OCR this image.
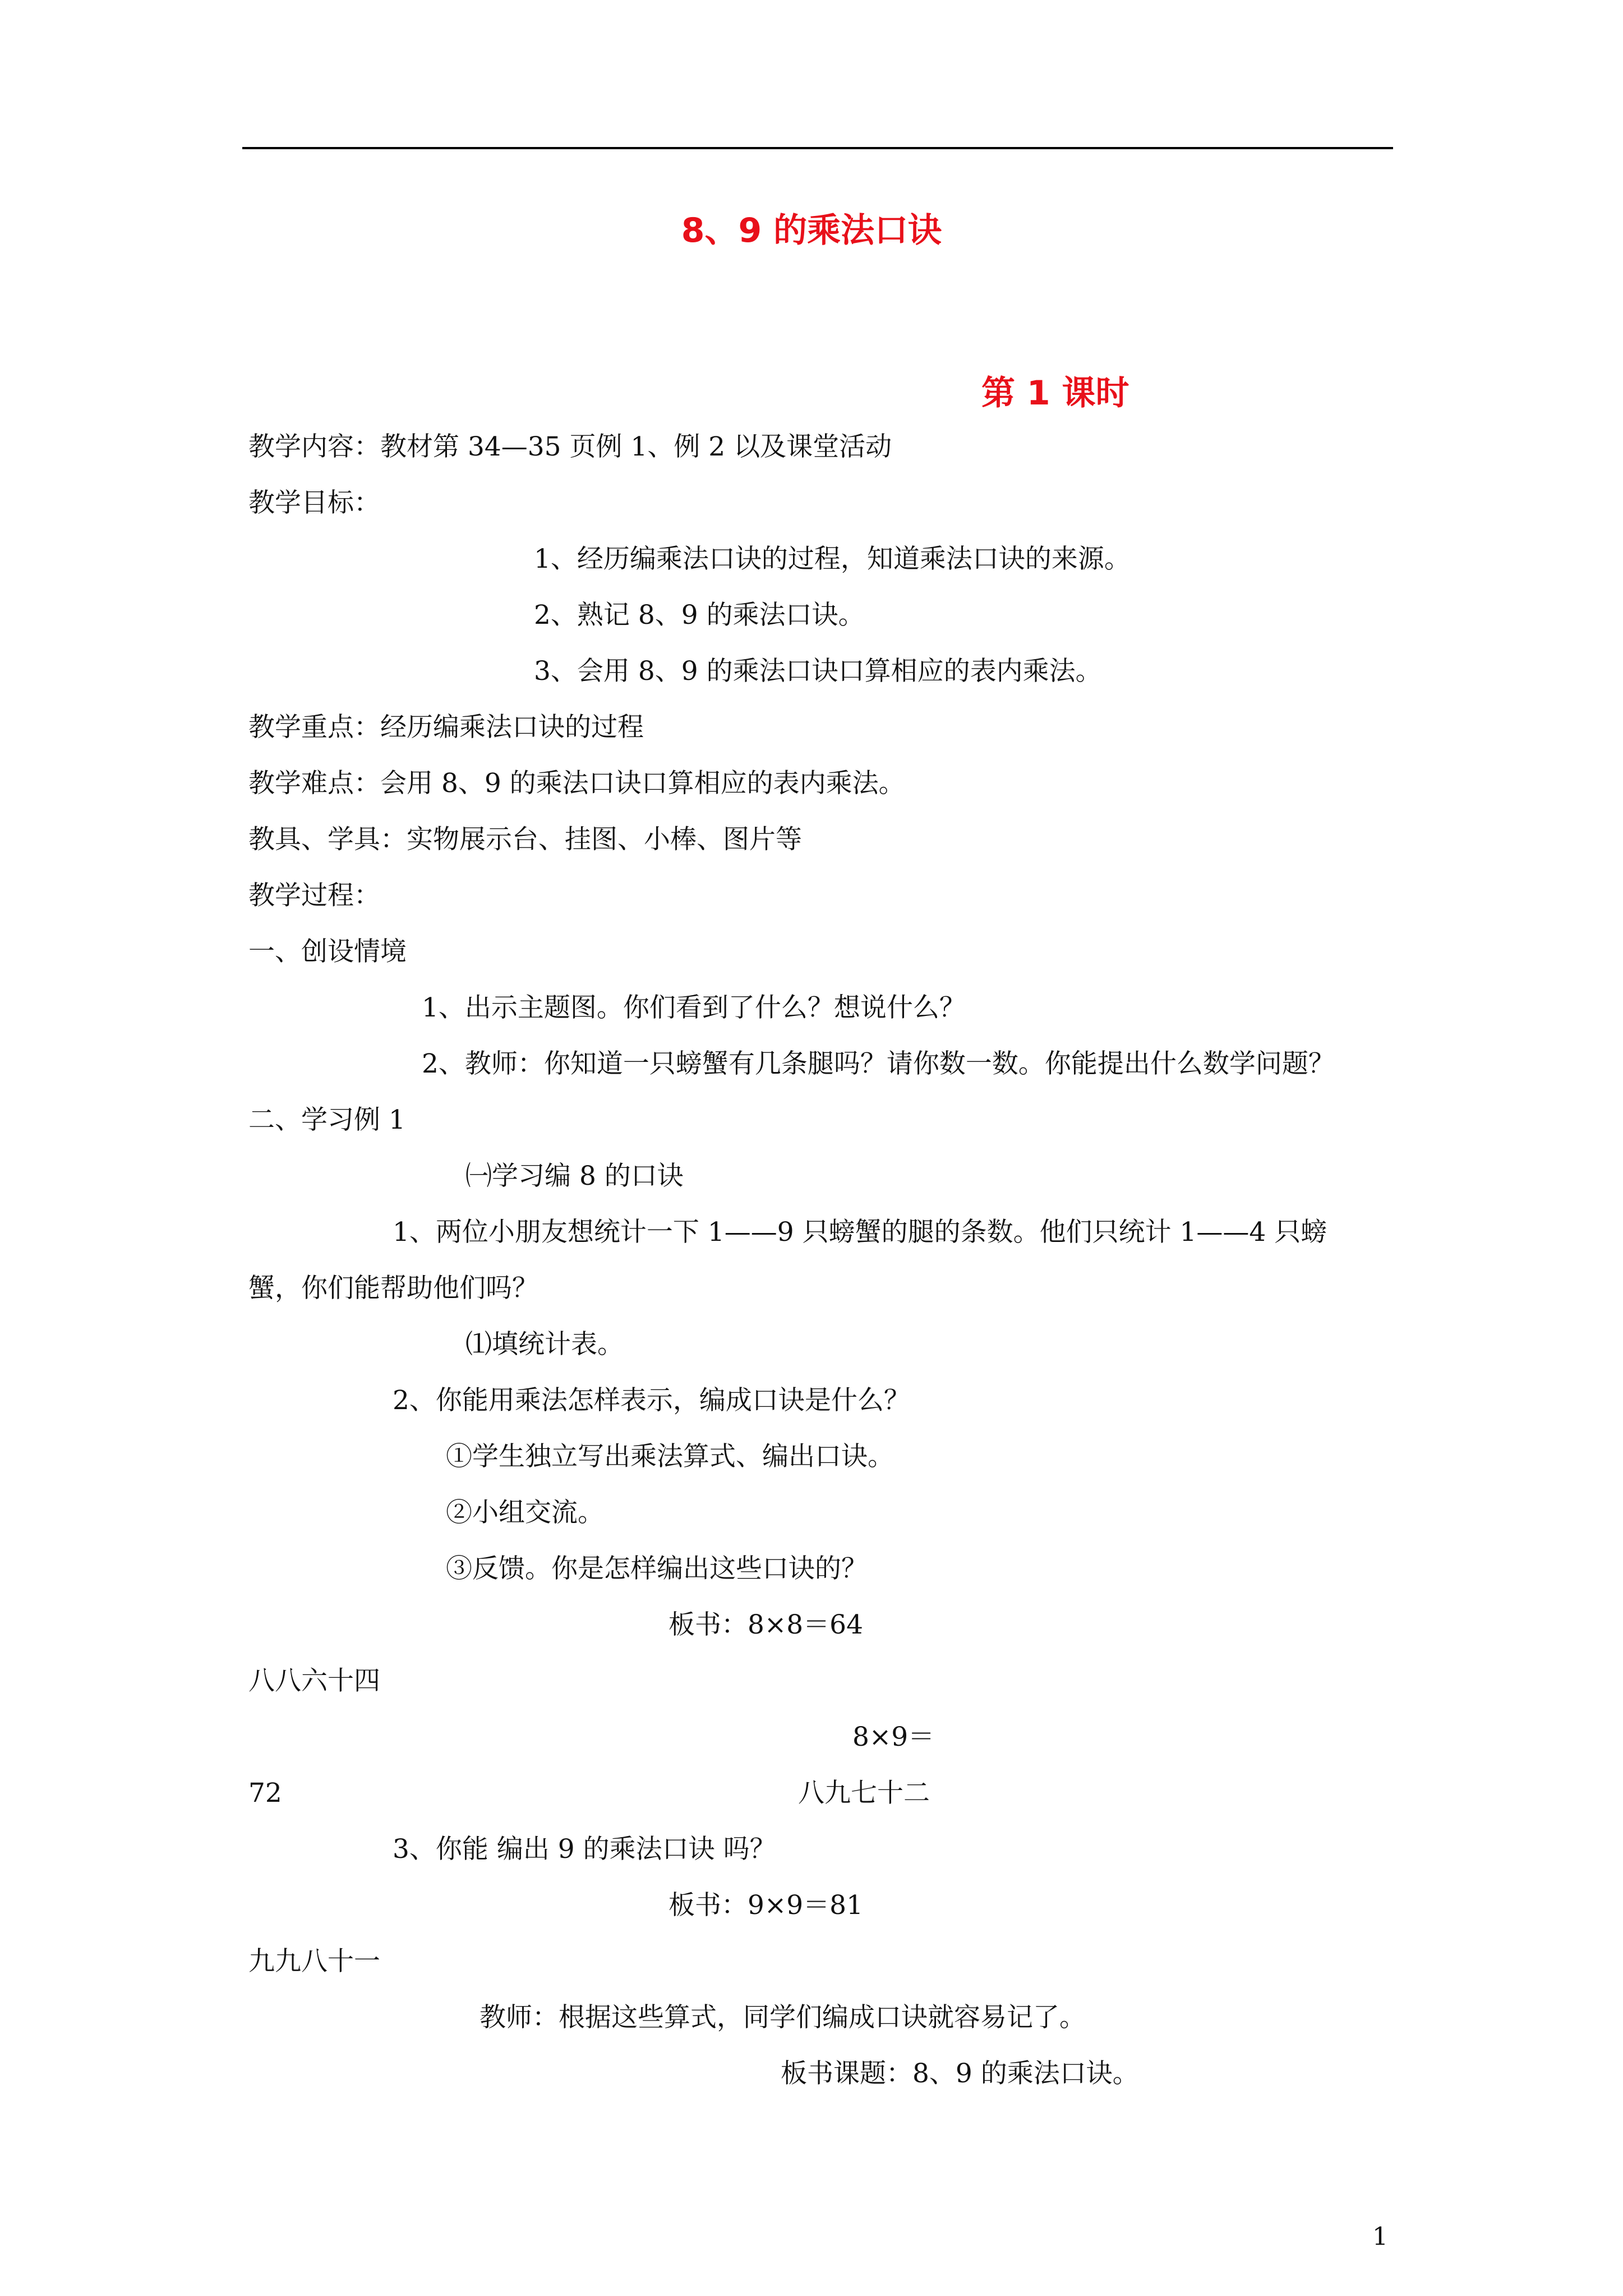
8、9 的乘法口诀
第 1 课时
教学内容：教材第 34—35 页例 1、例 2 以及课堂活动
教学目标：
1、经历编乘法口诀的过程，知道乘法口诀的来源。
2、熟记 8、9 的乘法口诀。
3、会用 8、9 的乘法口诀口算相应的表内乘法。
教学重点：经历编乘法口诀的过程
教学难点：会用 8、9 的乘法口诀口算相应的表内乘法。
教具、学具：实物展示台、挂图、小棒、图片等
教学过程：
一、创设情境
1、出示主题图。你们看到了什么？想说什么？
2、教师：你知道一只螃蟹有几条腿吗？请你数一数。你能提出什么数学问题？
二、学习例 1
㈠学习编 8 的口诀
1、两位小朋友想统计一下 1——9 只螃蟹的腿的条数。他们只统计 1——4 只螃
蟹，你们能帮助他们吗？
⑴填统计表。
2、你能用乘法怎样表示，编成口诀是什么？
①学生独立写出乘法算式、编出口诀。
②小组交流。
③反馈。你是怎样编出这些口诀的？
板书：8×8＝64
八八六十四
8×9＝
72	八九七十二
3、你能 编出 9 的乘法口诀 吗？
板书：9×9＝81
九九八十一
教师：根据这些算式，同学们编成口诀就容易记了。
板书课题：8、9 的乘法口诀。
1
